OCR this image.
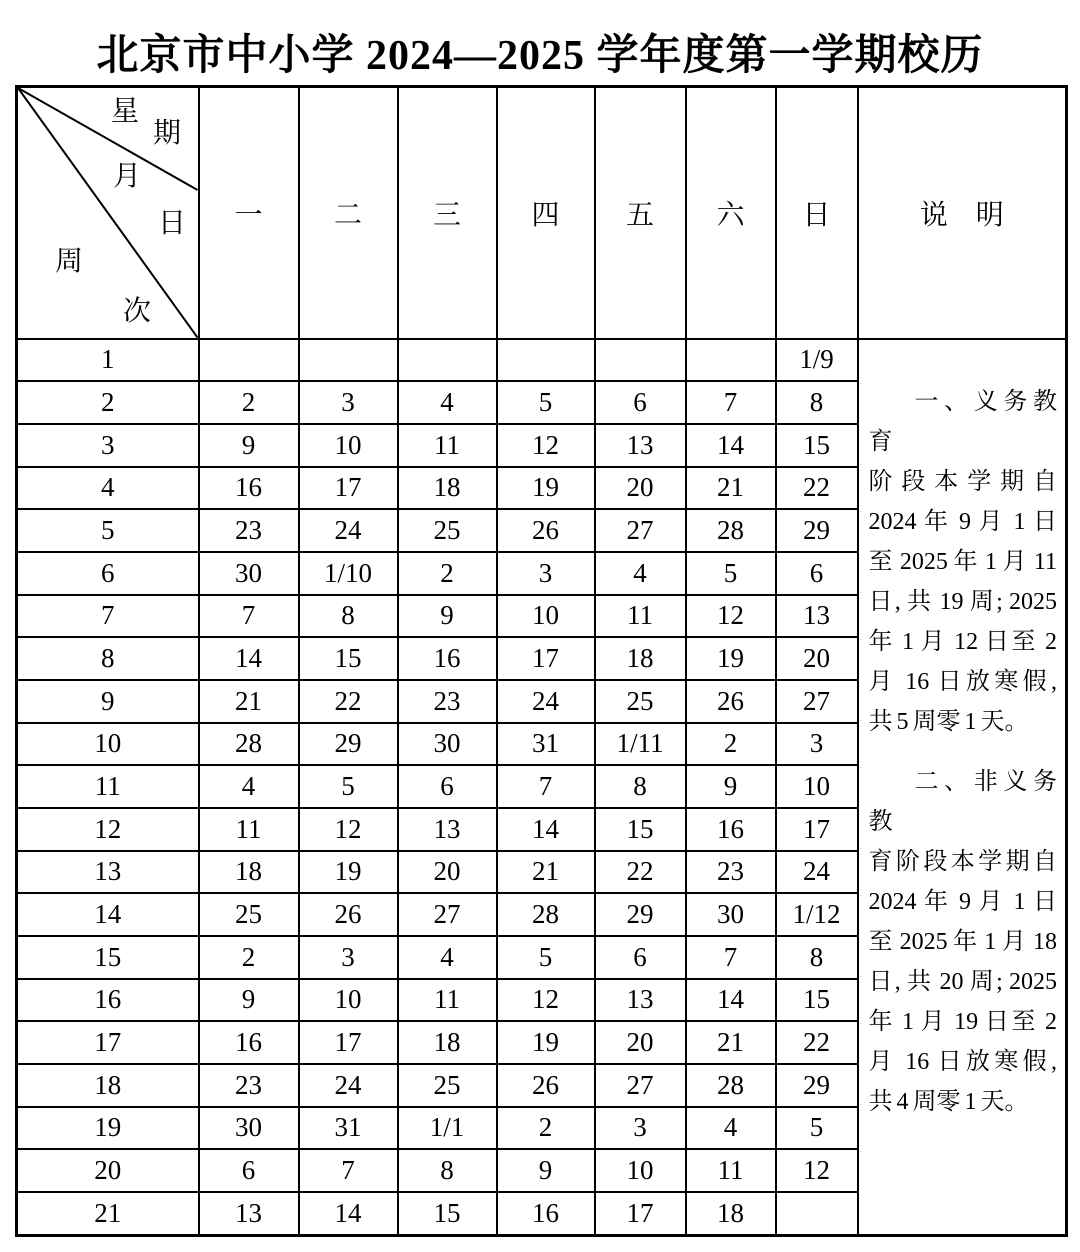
北京市中小学 2024—2025 学年度第一学期校历
星
期
月
日
周
次
	一	二	三	四	五	六	日	说　明
1							1/9	
一、义务教育
阶段本学期自
2024 年 9 月 1 日
至 2025 年 1 月 11
日, 共 19 周; 2025
年 1 月 12 日至 2
月 16 日放寒假,
共 5 周零 1 天。
二、非义务教
育阶段本学期自
2024 年 9 月 1 日
至 2025 年 1 月 18
日, 共 20 周; 2025
年 1 月 19 日至 2
月 16 日放寒假,
共 4 周零 1 天。

2	2	3	4	5	6	7	8	
3	9	10	11	12	13	14	15	
4	16	17	18	19	20	21	22	
5	23	24	25	26	27	28	29	
6	30	1/10	2	3	4	5	6	
7	7	8	9	10	11	12	13	
8	14	15	16	17	18	19	20	
9	21	22	23	24	25	26	27	
10	28	29	30	31	1/11	2	3	
11	4	5	6	7	8	9	10	
12	11	12	13	14	15	16	17	
13	18	19	20	21	22	23	24	
14	25	26	27	28	29	30	1/12	
15	2	3	4	5	6	7	8	
16	9	10	11	12	13	14	15	
17	16	17	18	19	20	21	22	
18	23	24	25	26	27	28	29	
19	30	31	1/1	2	3	4	5	
20	6	7	8	9	10	11	12	
21	13	14	15	16	17	18		
